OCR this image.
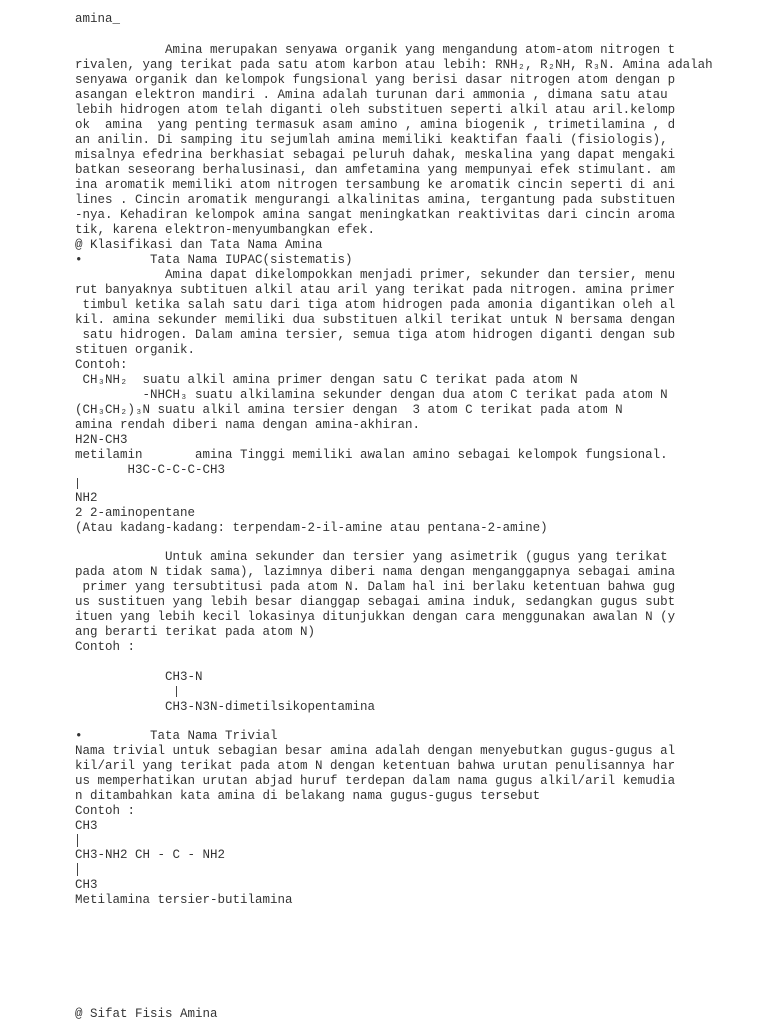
amina_
Amina merupakan senyawa organik yang mengandung atom-atom nitrogen t
rivalen, yang terikat pada satu atom karbon atau lebih: RNH₂, R₂NH, R₃N. Amina adalah
senyawa organik dan kelompok fungsional yang berisi dasar nitrogen atom dengan p
asangan elektron mandiri . Amina adalah turunan dari ammonia , dimana satu atau
lebih hidrogen atom telah diganti oleh substituen seperti alkil atau aril.kelomp
ok  amina  yang penting termasuk asam amino , amina biogenik , trimetilamina , d
an anilin. Di samping itu sejumlah amina memiliki keaktifan faali (fisiologis),
misalnya efedrina berkhasiat sebagai peluruh dahak, meskalina yang dapat mengaki
batkan seseorang berhalusinasi, dan amfetamina yang mempunyai efek stimulant. am
ina aromatik memiliki atom nitrogen tersambung ke aromatik cincin seperti di ani
lines . Cincin aromatik mengurangi alkalinitas amina, tergantung pada substituen
-nya. Kehadiran kelompok amina sangat meningkatkan reaktivitas dari cincin aroma
tik, karena elektron-menyumbangkan efek.
@ Klasifikasi dan Tata Nama Amina
•         Tata Nama IUPAC(sistematis)
Amina dapat dikelompokkan menjadi primer, sekunder dan tersier, menu
rut banyaknya subtituen alkil atau aril yang terikat pada nitrogen. amina primer
timbul ketika salah satu dari tiga atom hidrogen pada amonia digantikan oleh al
kil. amina sekunder memiliki dua substituen alkil terikat untuk N bersama dengan
satu hidrogen. Dalam amina tersier, semua tiga atom hidrogen diganti dengan sub
stituen organik.
Contoh:
CH₃NH₂  suatu alkil amina primer dengan satu C terikat pada atom N
-NHCH₃ suatu alkilamina sekunder dengan dua atom C terikat pada atom N
(CH₃CH₂)₃N suatu alkil amina tersier dengan  3 atom C terikat pada atom N
amina rendah diberi nama dengan amina-akhiran.
H2N-CH3
metilamin       amina Tinggi memiliki awalan amino sebagai kelompok fungsional.
H3C-C-C-C-CH3
NH2
2 2-aminopentane
(Atau kadang-kadang: terpendam-2-il-amine atau pentana-2-amine)
Untuk amina sekunder dan tersier yang asimetrik (gugus yang terikat
pada atom N tidak sama), lazimnya diberi nama dengan menganggapnya sebagai amina
primer yang tersubtitusi pada atom N. Dalam hal ini berlaku ketentuan bahwa gug
us sustituen yang lebih besar dianggap sebagai amina induk, sedangkan gugus subt
ituen yang lebih kecil lokasinya ditunjukkan dengan cara menggunakan awalan N (y
ang berarti terikat pada atom N)
Contoh :
CH3-N
CH3-N3N-dimetilsikopentamina
•         Tata Nama Trivial
Nama trivial untuk sebagian besar amina adalah dengan menyebutkan gugus-gugus al
kil/aril yang terikat pada atom N dengan ketentuan bahwa urutan penulisannya har
us memperhatikan urutan abjad huruf terdepan dalam nama gugus alkil/aril kemudia
n ditambahkan kata amina di belakang nama gugus-gugus tersebut
Contoh :
CH3
CH3-NH2 CH - C - NH2
CH3
Metilamina tersier-butilamina
@ Sifat Fisis Amina
